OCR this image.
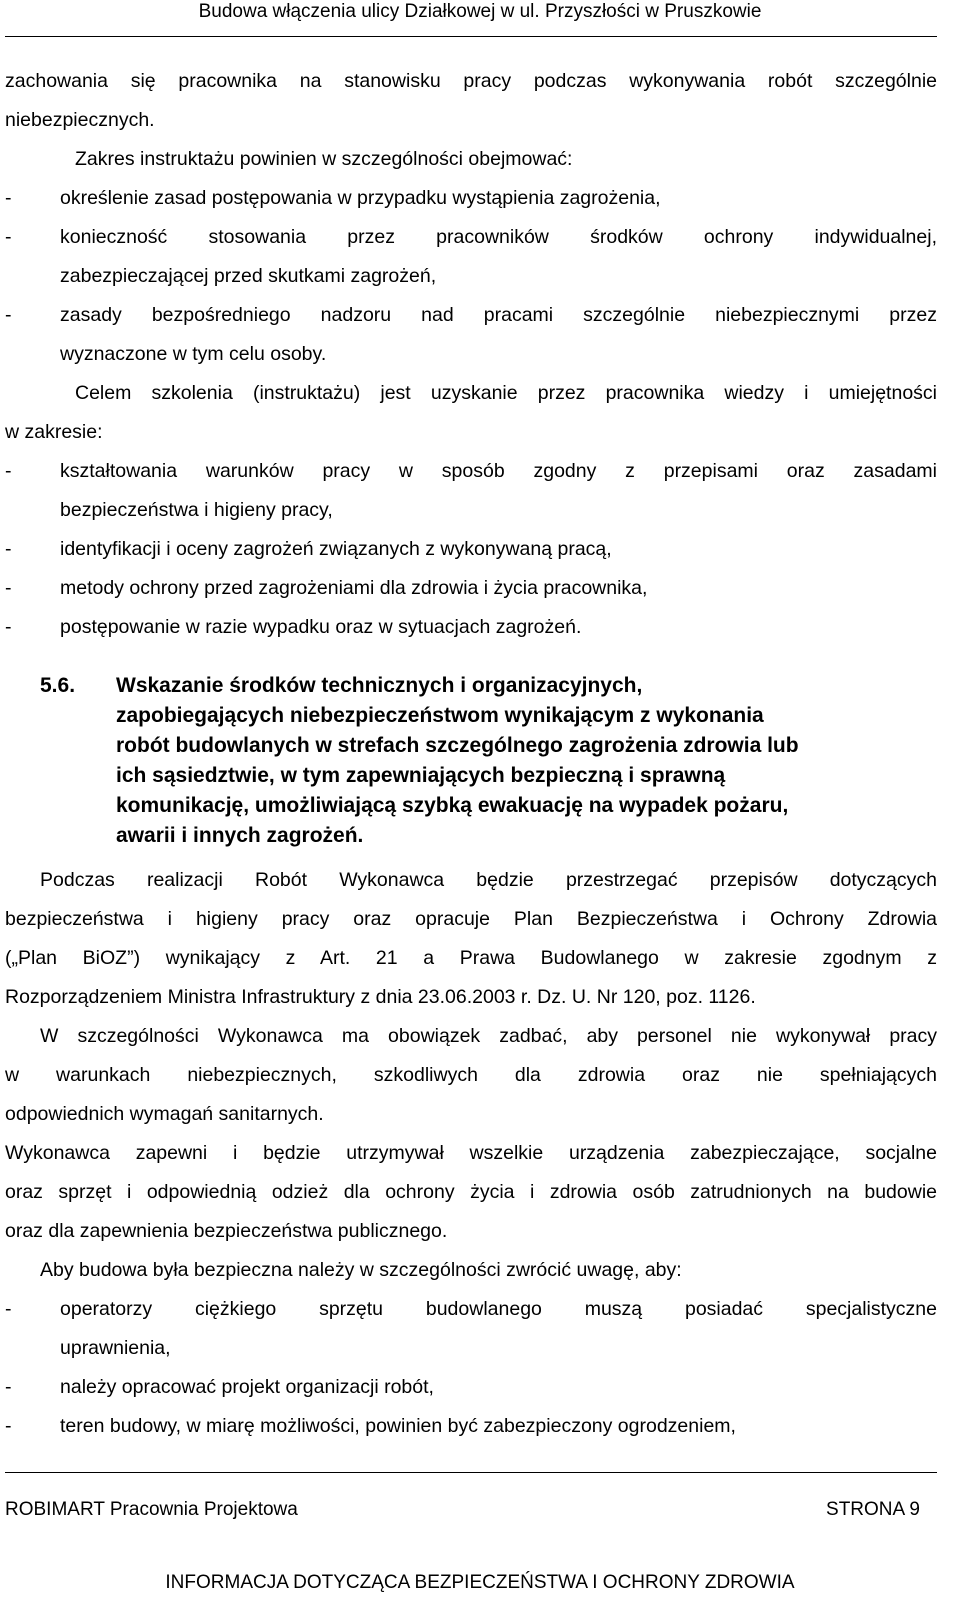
Budowa włączenia ulicy Działkowej w ul. Przyszłości w Pruszkowie
zachowania się pracownika na stanowisku pracy podczas wykonywania robót szczególnie
niebezpiecznych.
Zakres instruktażu powinien w szczególności obejmować:
- określenie zasad postępowania w przypadku wystąpienia zagrożenia,
- konieczność stosowania przez pracowników środków ochrony indywidualnej,
zabezpieczającej przed skutkami zagrożeń,
- zasady bezpośredniego nadzoru nad pracami szczególnie niebezpiecznymi przez
wyznaczone w tym celu osoby.
Celem szkolenia (instruktażu) jest uzyskanie przez pracownika wiedzy i umiejętności
w zakresie:
- kształtowania warunków pracy w sposób zgodny z przepisami oraz zasadami
bezpieczeństwa i higieny pracy,
- identyfikacji i oceny zagrożeń związanych z wykonywaną pracą,
- metody ochrony przed zagrożeniami dla zdrowia i życia pracownika,
- postępowanie w razie wypadku oraz w sytuacjach zagrożeń.
5.6.	Wskazanie środków technicznych i organizacyjnych,
zapobiegających niebezpieczeństwom wynikającym z wykonania
robót budowlanych w strefach szczególnego zagrożenia zdrowia lub
ich sąsiedztwie, w tym zapewniających bezpieczną i sprawną
komunikację, umożliwiającą szybką ewakuację na wypadek pożaru,
awarii i innych zagrożeń.
Podczas realizacji Robót Wykonawca będzie przestrzegać przepisów dotyczących
bezpieczeństwa i higieny pracy oraz opracuje Plan Bezpieczeństwa i Ochrony Zdrowia
(„Plan BiOZ”) wynikający z Art. 21 a Prawa Budowlanego w zakresie zgodnym z
Rozporządzeniem Ministra Infrastruktury z dnia 23.06.2003 r. Dz. U. Nr 120, poz. 1126.
W szczególności Wykonawca ma obowiązek zadbać, aby personel nie wykonywał pracy
w warunkach niebezpiecznych, szkodliwych dla zdrowia oraz nie spełniających
odpowiednich wymagań sanitarnych.
Wykonawca zapewni i będzie utrzymywał wszelkie urządzenia zabezpieczające, socjalne
oraz sprzęt i odpowiednią odzież dla ochrony życia i zdrowia osób zatrudnionych na budowie
oraz dla zapewnienia bezpieczeństwa publicznego.
Aby budowa była bezpieczna należy w szczególności zwrócić uwagę, aby:
- operatorzy ciężkiego sprzętu budowlanego muszą posiadać specjalistyczne
uprawnienia,
- należy opracować projekt organizacji robót,
- teren budowy, w miarę możliwości, powinien być zabezpieczony ogrodzeniem,
ROBIMART Pracownia Projektowa	STRONA 9
INFORMACJA DOTYCZĄCA BEZPIECZEŃSTWA I OCHRONY ZDROWIA
